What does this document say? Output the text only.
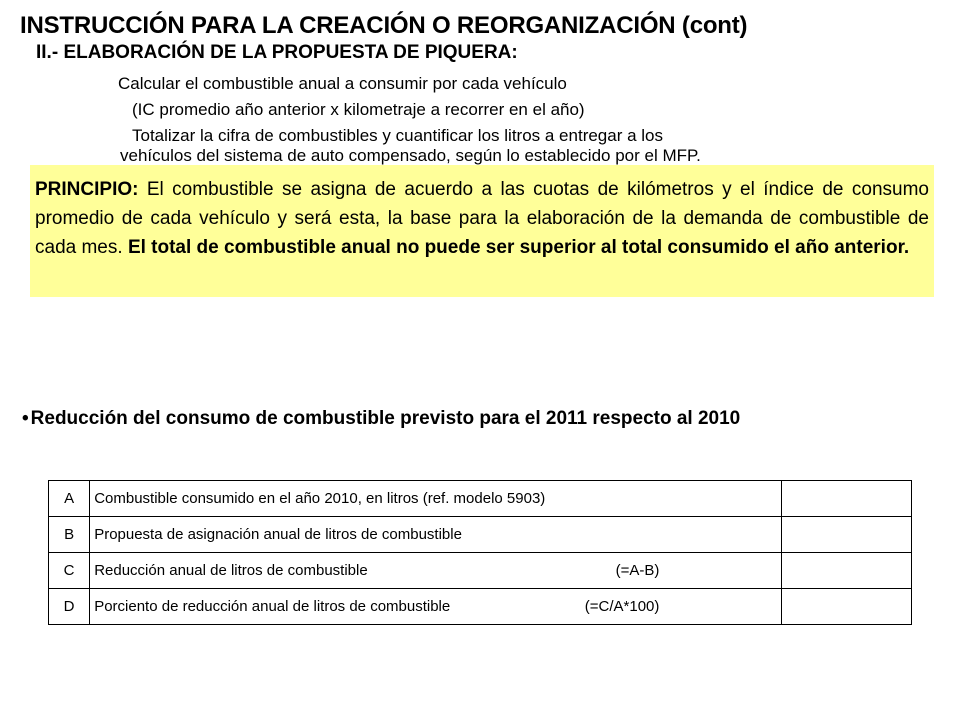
INSTRUCCIÓN PARA LA CREACIÓN O REORGANIZACIÓN (cont)
II.- ELABORACIÓN DE LA PROPUESTA DE PIQUERA:
Calcular el combustible anual a consumir por cada vehículo
(IC promedio año anterior x kilometraje a recorrer en el año)
Totalizar la cifra de combustibles y cuantificar los litros a entregar a los
vehículos del sistema de auto compensado, según lo establecido por el MFP.
PRINCIPIO: El combustible se asigna de acuerdo a las cuotas de kilómetros y el índice de consumo promedio de cada vehículo y será esta, la base para la elaboración de la demanda de combustible de cada mes. El total de combustible anual no puede ser superior al total consumido el año anterior.
• Reducción del consumo de combustible previsto para el 2011 respecto al 2010
A	Combustible consumido en el año 2010, en litros (ref. modelo 5903)	
B	Propuesta de asignación anual de litros de combustible	
C	Reducción anual de litros de combustible (=A-B)	

D	Porciento de reducción anual de litros de combustible (=C/A*100)	
